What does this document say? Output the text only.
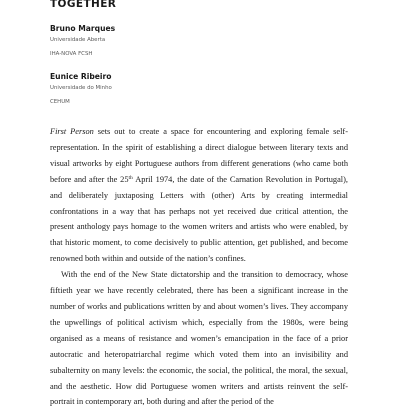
TOGETHER
Bruno Marques
Universidade Aberta
IHA-NOVA FCSH
Eunice Ribeiro
Universidade do Minho
CEHUM

First Person sets out to create a space for encountering and exploring female self-representation. In the spirit of establishing a direct dialogue between literary texts and visual artworks by eight Portuguese authors from different generations (who came both before and after the 25th April 1974, the date of the Carnation Revolution in Portugal), and deliberately juxtaposing Letters with (other) Arts by creating intermedial confrontations in a way that has perhaps not yet received due critical attention, the present anthology pays homage to the women writers and artists who were enabled, by that historic moment, to come decisively to public attention, get published, and become renowned both within and outside of the nation’s confines.

With the end of the New State dictatorship and the transition to democracy, whose fiftieth year we have recently celebrated, there has been a significant increase in the number of works and publications written by and about women’s lives. They accompany the upwellings of political activism which, especially from the 1980s, were being organised as a means of resistance and women’s emancipation in the face of a prior autocratic and heteropatriarchal regime which voted them into an invisibility and subalternity on many levels: the economic, the social, the political, the moral, the sexual, and the aesthetic. How did Portuguese women writers and artists reinvent the self-portrait in contemporary art, both during and after the period of the
